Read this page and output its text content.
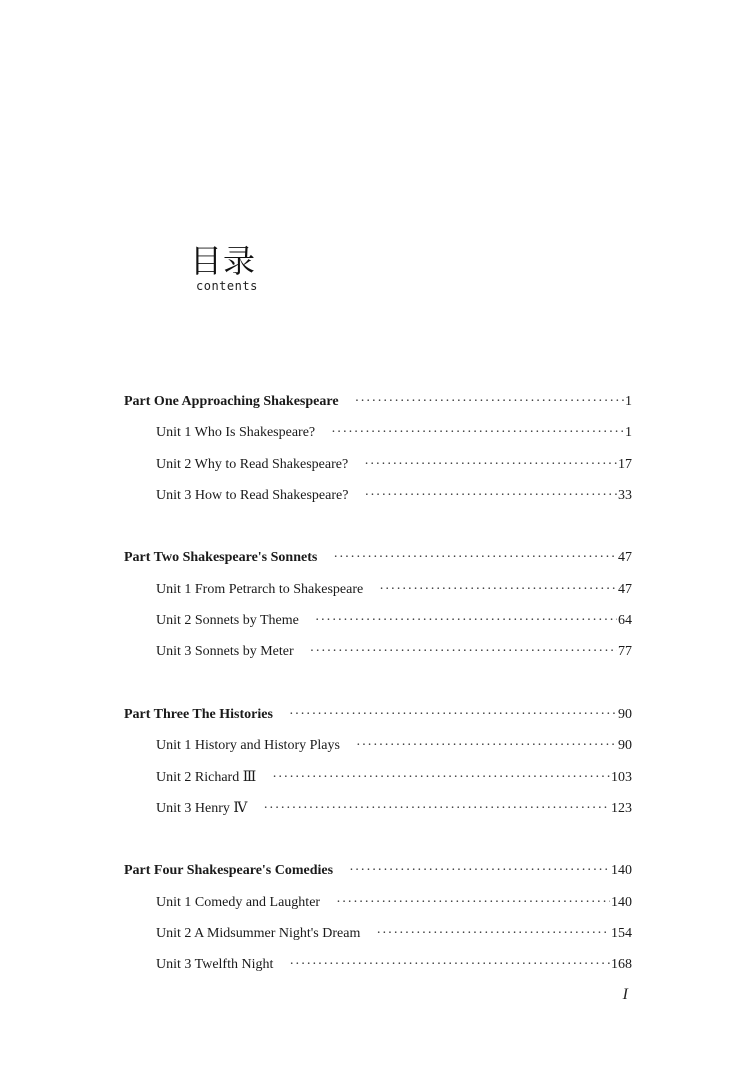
目录
contents
Part One Approaching Shakespeare ·····	1
Unit 1 Who Is Shakespeare? ·····	1
Unit 2 Why to Read Shakespeare? ·····	17
Unit 3 How to Read Shakespeare? ·····	33
Part Two Shakespeare's Sonnets ·····	47
Unit 1 From Petrarch to Shakespeare ·····	47
Unit 2 Sonnets by Theme ·····	64
Unit 3 Sonnets by Meter ·····	77
Part Three The Histories ·····	90
Unit 1 History and History Plays ·····	90
Unit 2 Richard Ⅲ ·····	103
Unit 3 Henry Ⅳ ·····	123
Part Four Shakespeare's Comedies ·····	140
Unit 1 Comedy and Laughter ·····	140
Unit 2 A Midsummer Night's Dream ·····	154
Unit 3 Twelfth Night ·····	168
I
